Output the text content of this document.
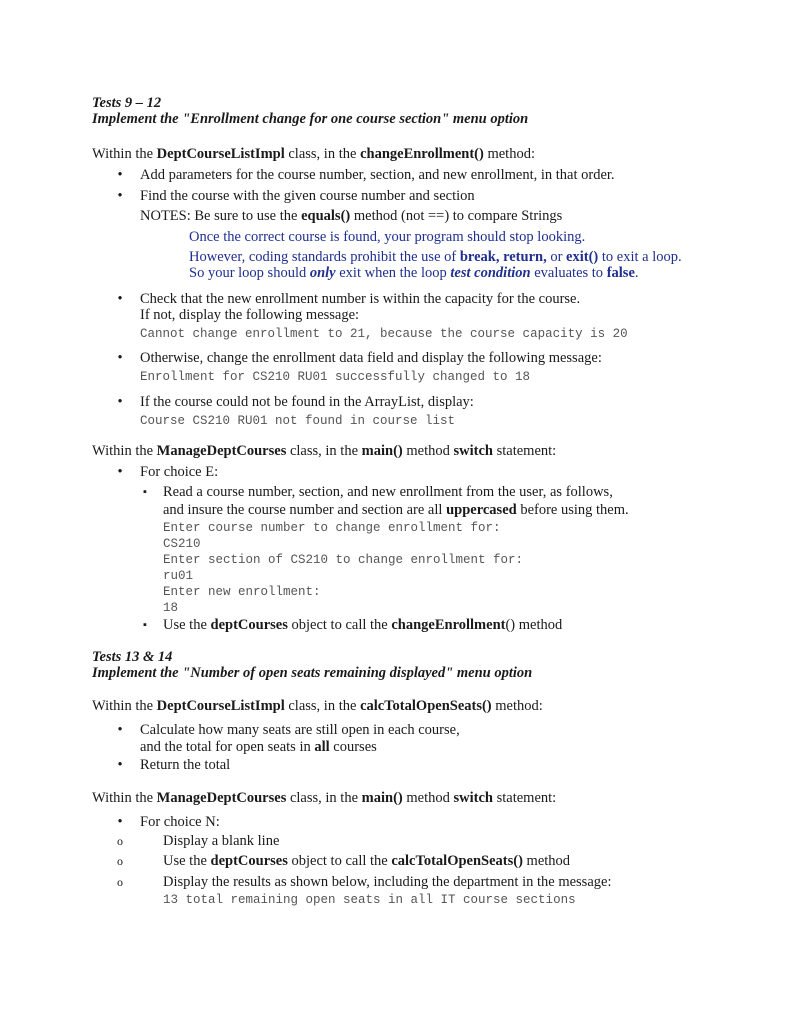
Tests 9 – 12
Implement the "Enrollment change for one course section" menu option
Within the DeptCourseListImpl class, in the changeEnrollment() method:
•	Add parameters for the course number, section, and new enrollment, in that order.
•	Find the course with the given course number and section
NOTES: Be sure to use the equals() method (not ==) to compare Strings
Once the correct course is found, your program should stop looking.
However, coding standards prohibit the use of break, return, or exit() to exit a loop.
So your loop should only exit when the loop test condition evaluates to false.
•	Check that the new enrollment number is within the capacity for the course.
If not, display the following message:
Cannot change enrollment to 21, because the course capacity is 20
•	Otherwise, change the enrollment data field and display the following message:
Enrollment for CS210 RU01 successfully changed to 18
•	If the course could not be found in the ArrayList, display:
Course CS210 RU01 not found in course list
Within the ManageDeptCourses class, in the main() method switch statement:
•	For choice E:
▪	Read a course number, section, and new enrollment from the user, as follows,
and insure the course number and section are all uppercased before using them.
Enter course number to change enrollment for:
CS210
Enter section of CS210 to change enrollment for:
ru01
Enter new enrollment:
18
▪	Use the deptCourses object to call the changeEnrollment() method
Tests 13 & 14
Implement the "Number of open seats remaining displayed" menu option
Within the DeptCourseListImpl class, in the calcTotalOpenSeats() method:
•	Calculate how many seats are still open in each course,
and the total for open seats in all courses
•	Return the total
Within the ManageDeptCourses class, in the main() method switch statement:
•	For choice N:
o	Display a blank line
o	Use the deptCourses object to call the calcTotalOpenSeats() method
o	Display the results as shown below, including the department in the message:
13 total remaining open seats in all IT course sections
